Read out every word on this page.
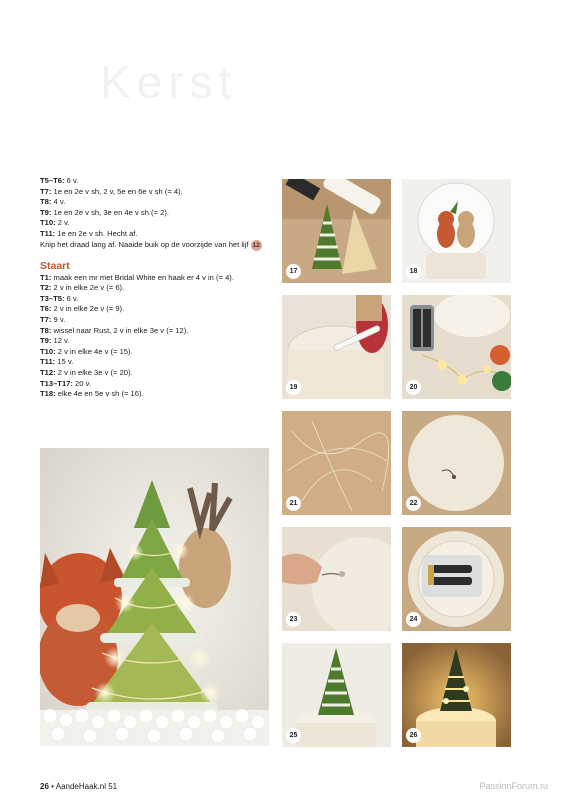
Kerst

T5–T6: 6 v.

T7: 1e en 2e v sh, 2 v, 5e en 6e v sh (= 4).

T8: 4 v.

T9: 1e en 2e v sh, 3e en 4e v sh (= 2).

T10: 2 v.

T11: 1e en 2e v sh. Hecht af.

Knip het draad lang af. Naaide buik op de voorzijde van het lijf 12

Staart

T1: maak een mr met Bridal White en haak er 4 v in (= 4).

T2: 2 v in elke 2e v (= 6).

T3–T5: 6 v.

T6: 2 v in elke 2e v (= 9).

T7: 9 v.

T8: wissel naar Rust, 2 v in elke 3e v (= 12).

T9: 12 v.

T10: 2 v in elke 4e v (= 15).

T11: 15 v.

T12: 2 v in elke 3e v (= 20).

T13–T17: 20 v.

T18: elke 4e en 5e v sh (= 16).

17	18
19	20
21	22
23	24
25	26
26 • AandeHaak.nl 51	PassionForum.ru
